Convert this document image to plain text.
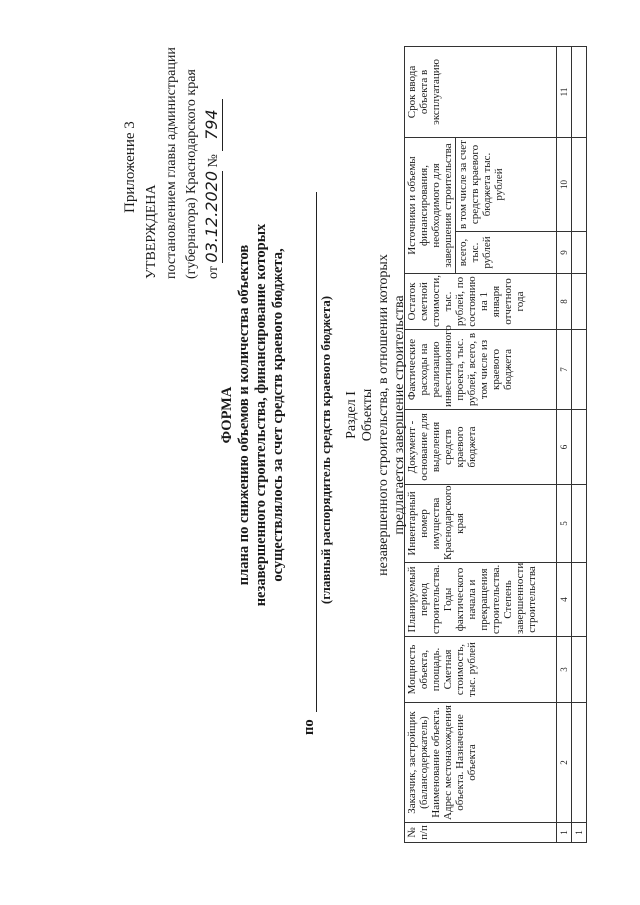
Приложение 3
УТВЕРЖДЕНА постановлением главы администрации (губернатора) Краснодарского края от 03.12.2020 № 794
ФОРМА плана по снижению объемов и количества объектов незавершенного строительства, финансирование которых осуществлялось за счет средств краевого бюджета,
по
(главный распорядитель средств краевого бюджета) Раздел I Объекты незавершенного строительства, в отношении которых предлагается завершение строительства
№ п/п	Заказчик, застройщик (балансодержатель) Наименование объекта. Адрес местонахождения объекта. Назначение объекта	Мощность объекта, площадь. Сметная стоимость, тыс. рублей	Планируемый период строительства. Годы фактического начала и прекращения строительства. Степень завершенности строительства	Инвентарный номер имущества Краснодарского края	Документ - основание для выделения средств краевого бюджета	Фактические расходы на реализацию инвестиционного проекта, тыс. рублей, всего, в том числе из краевого бюджета	Остаток сметной стоимости, тыс. рублей, по состоянию на 1 января отчетного года	Источники и объемы финансирования, необходимого для завершения строительства		Срок ввода объекта в эксплуатацию
								всего, тыс. рублей	в том числе за счет средств краевого бюджета тыс. рублей	
1	2	3	4	5	6	7	8	9	10	11
1										
